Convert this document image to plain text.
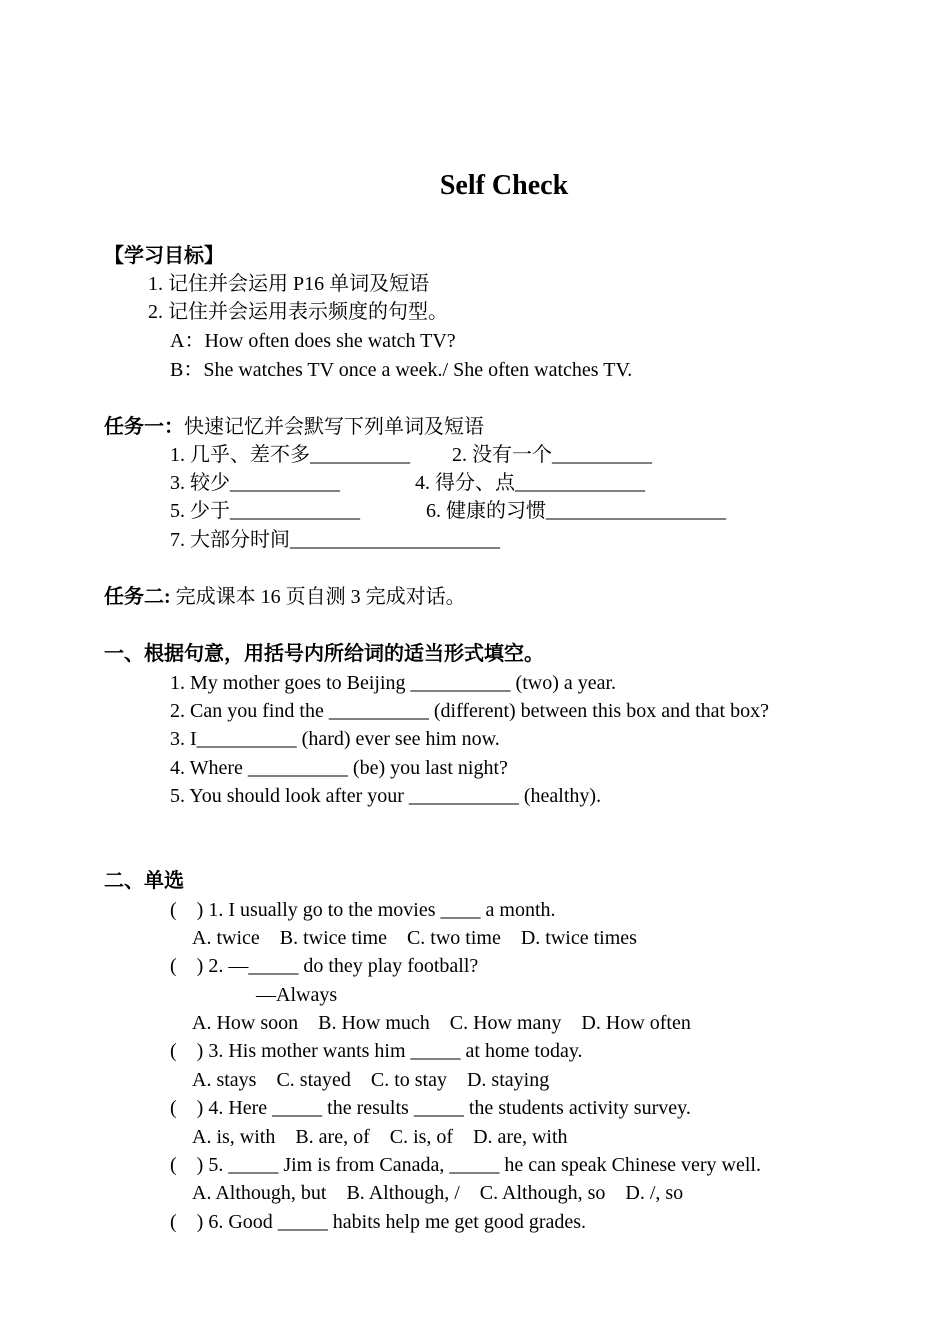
Self Check
【学习目标】
1. 记住并会运用 P16 单词及短语
2. 记住并会运用表示频度的句型。
A：How often does she watch TV?
B：She watches TV once a week./ She often watches TV.
任务一：快速记忆并会默写下列单词及短语
1. 几乎、差不多__________ 2. 没有一个__________
3. 较少___________	4. 得分、点_____________
5. 少于_____________	6. 健康的习惯__________________
7. 大部分时间_____________________
任务二: 完成课本 16 页自测 3 完成对话。
一、根据句意，用括号内所给词的适当形式填空。
1. My mother goes to Beijing __________ (two) a year.
2. Can you find the __________ (different) between this box and that box?
3. I__________ (hard) ever see him now.
4. Where __________ (be) you last night?
5. You should look after your ___________ (healthy).
二、单选
(    ) 1. I usually go to the movies ____ a month.
A. twice    B. twice time    C. two time    D. twice times
(    ) 2. —_____ do they play football?
—Always
A. How soon    B. How much    C. How many    D. How often
(    ) 3. His mother wants him _____ at home today.
A. stays    C. stayed    C. to stay    D. staying
(    ) 4. Here _____ the results _____ the students activity survey.
A. is, with    B. are, of    C. is, of    D. are, with
(    ) 5. _____ Jim is from Canada, _____ he can speak Chinese very well.
A. Although, but    B. Although, /    C. Although, so    D. /, so
(    ) 6. Good _____ habits help me get good grades.
